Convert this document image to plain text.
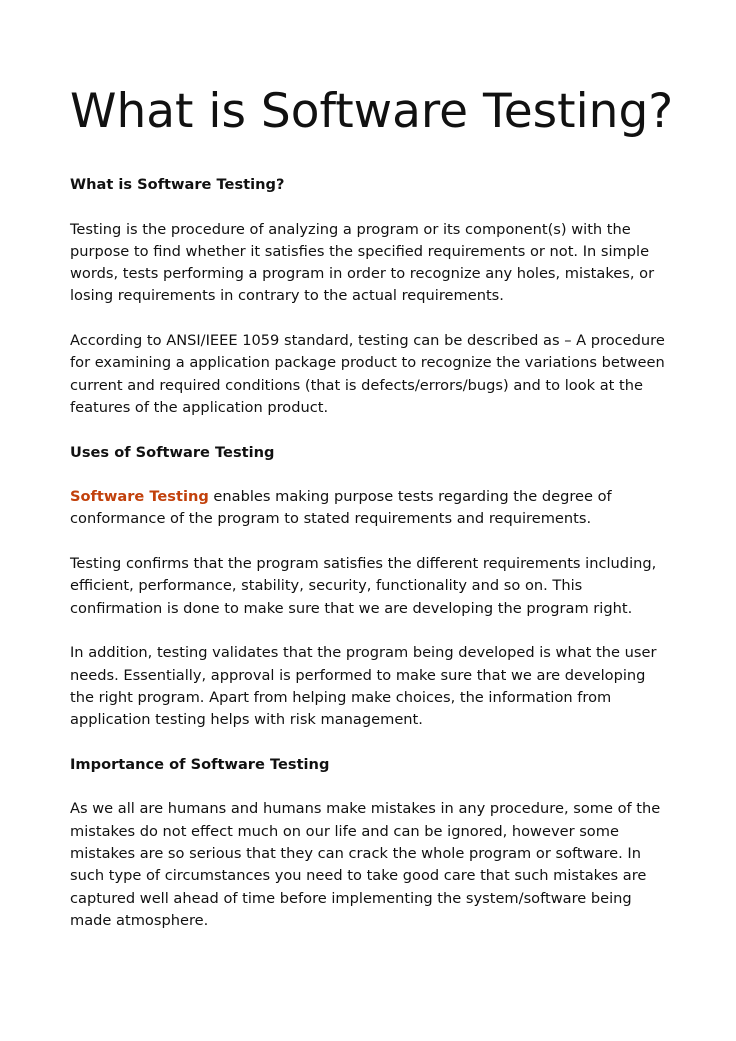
What is Software Testing?
What is Software Testing?

Testing is the procedure of analyzing a program or its component(s) with the purpose to find whether it satisfies the specified requirements or not. In simple words, tests performing a program in order to recognize any holes, mistakes, or losing requirements in contrary to the actual requirements.

According to ANSI/IEEE 1059 standard, testing can be described as – A procedure for examining a application package product to recognize the variations between current and required conditions (that is defects/errors/bugs) and to look at the features of the application product.

Uses of Software Testing

Software Testing enables making purpose tests regarding the degree of conformance of the program to stated requirements and requirements.

Testing confirms that the program satisfies the different requirements including, efficient, performance, stability, security, functionality and so on. This confirmation is done to make sure that we are developing the program right.

In addition, testing validates that the program being developed is what the user needs. Essentially, approval is performed to make sure that we are developing the right program. Apart from helping make choices, the information from application testing helps with risk management.

Importance of Software Testing

As we all are humans and humans make mistakes in any procedure, some of the mistakes do not effect much on our life and can be ignored, however some mistakes are so serious that they can crack the whole program or software. In such type of circumstances you need to take good care that such mistakes are captured well ahead of time before implementing the system/software being made atmosphere.
